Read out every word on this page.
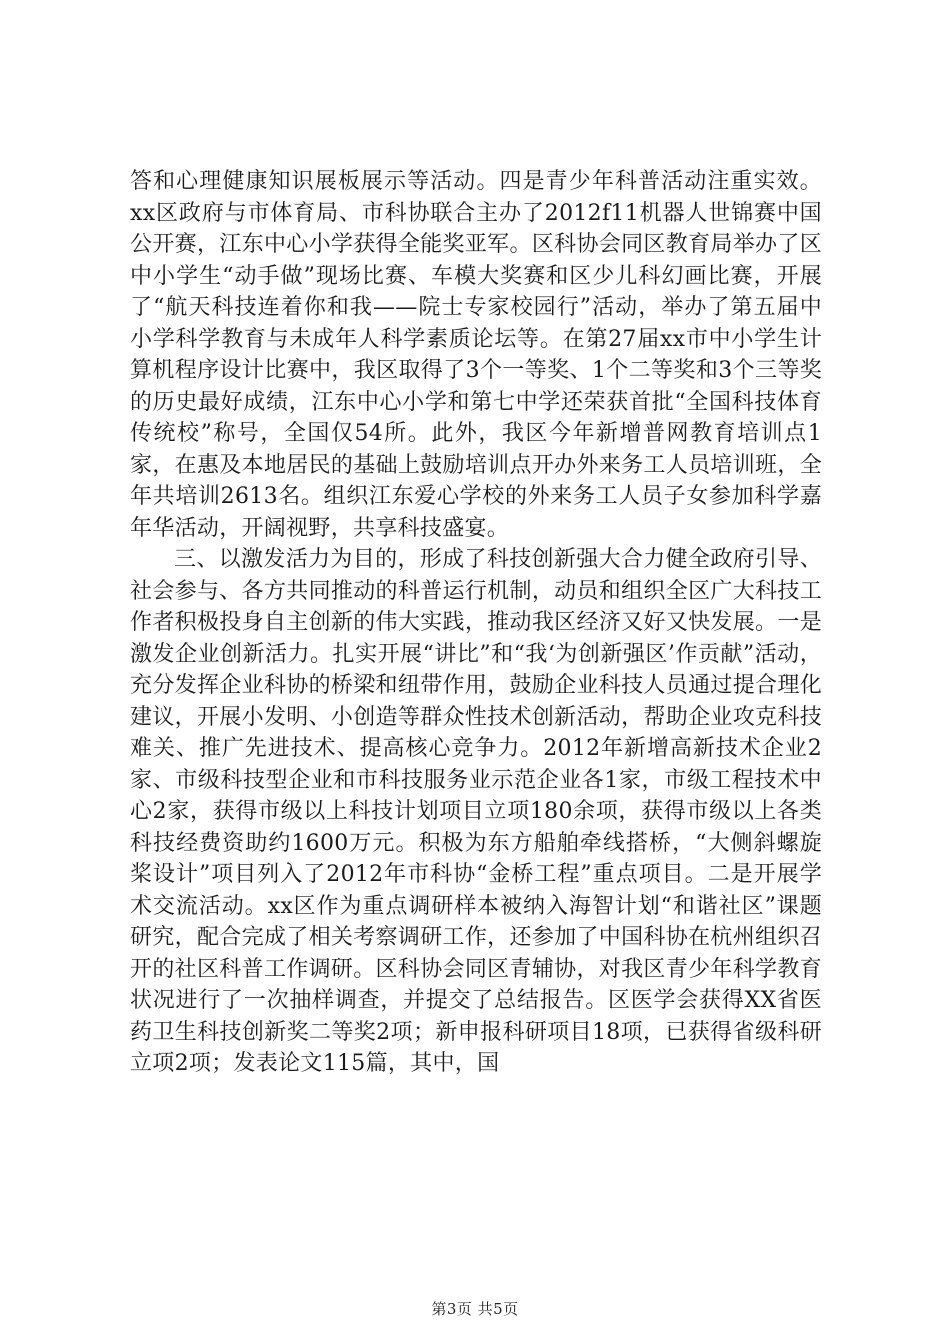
答和心理健康知识展板展示等活动。四是青少年科普活动注重实效。xx区政府与市体育局、市科协联合主办了2012f11机器人世锦赛中国公开赛，江东中心小学获得全能奖亚军。区科协会同区教育局举办了区中小学生“动手做”现场比赛、车模大奖赛和区少儿科幻画比赛，开展了“航天科技连着你和我——院士专家校园行”活动，举办了第五届中小学科学教育与未成年人科学素质论坛等。在第27届xx市中小学生计算机程序设计比赛中，我区取得了3个一等奖、1个二等奖和3个三等奖的历史最好成绩，江东中心小学和第七中学还荣获首批“全国科技体育传统校”称号，全国仅54所。此外，我区今年新增普网教育培训点1家，在惠及本地居民的基础上鼓励培训点开办外来务工人员培训班，全年共培训2613名。组织江东爱心学校的外来务工人员子女参加科学嘉年华活动，开阔视野，共享科技盛宴。

三、以激发活力为目的，形成了科技创新强大合力健全政府引导、社会参与、各方共同推动的科普运行机制，动员和组织全区广大科技工作者积极投身自主创新的伟大实践，推动我区经济又好又快发展。一是激发企业创新活力。扎实开展“讲比”和“我‘为创新强区’作贡献”活动，充分发挥企业科协的桥梁和纽带作用，鼓励企业科技人员通过提合理化建议，开展小发明、小创造等群众性技术创新活动，帮助企业攻克科技难关、推广先进技术、提高核心竞争力。2012年新增高新技术企业2家、市级科技型企业和市科技服务业示范企业各1家，市级工程技术中心2家，获得市级以上科技计划项目立项180余项，获得市级以上各类科技经费资助约1600万元。积极为东方船舶牵线搭桥，“大侧斜螺旋桨设计”项目列入了2012年市科协“金桥工程”重点项目。二是开展学术交流活动。xx区作为重点调研样本被纳入海智计划“和谐社区”课题研究，配合完成了相关考察调研工作，还参加了中国科协在杭州组织召开的社区科普工作调研。区科协会同区青辅协，对我区青少年科学教育状况进行了一次抽样调查，并提交了总结报告。区医学会获得XX省医药卫生科技创新奖二等奖2项；新申报科研项目18项，已获得省级科研立项2项；发表论文115篇，其中，国

第3页 共5页
